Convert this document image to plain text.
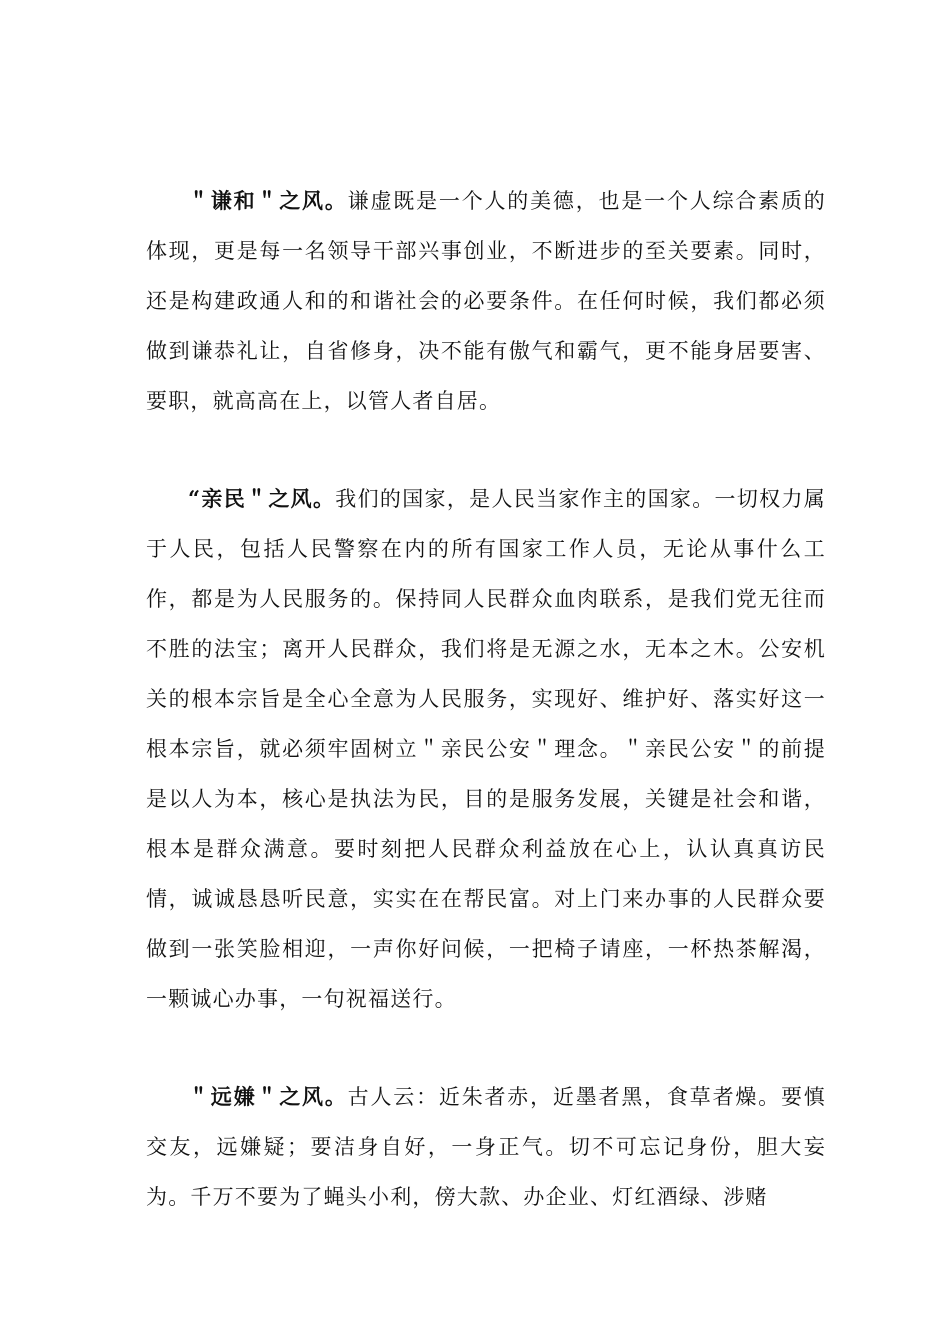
＂谦和＂之风。谦虚既是一个人的美德，也是一个人综合素质的体现，更是每一名领导干部兴事创业，不断进步的至关要素。同时，还是构建政通人和的和谐社会的必要条件。在任何时候，我们都必须做到谦恭礼让，自省修身，决不能有傲气和霸气，更不能身居要害、要职，就高高在上，以管人者自居。

“亲民＂之风。我们的国家，是人民当家作主的国家。一切权力属于人民，包括人民警察在内的所有国家工作人员，无论从事什么工作，都是为人民服务的。保持同人民群众血肉联系，是我们党无往而不胜的法宝；离开人民群众，我们将是无源之水，无本之木。公安机关的根本宗旨是全心全意为人民服务，实现好、维护好、落实好这一根本宗旨，就必须牢固树立＂亲民公安＂理念。＂亲民公安＂的前提是以人为本，核心是执法为民，目的是服务发展，关键是社会和谐，根本是群众满意。要时刻把人民群众利益放在心上，认认真真访民情，诚诚恳恳听民意，实实在在帮民富。对上门来办事的人民群众要做到一张笑脸相迎，一声你好问候，一把椅子请座，一杯热茶解渴，一颗诚心办事，一句祝福送行。

＂远嫌＂之风。古人云：近朱者赤，近墨者黑，食草者燥。要慎交友，远嫌疑；要洁身自好，一身正气。切不可忘记身份，胆大妄为。千万不要为了蝇头小利，傍大款、办企业、灯红酒绿、涉赌
